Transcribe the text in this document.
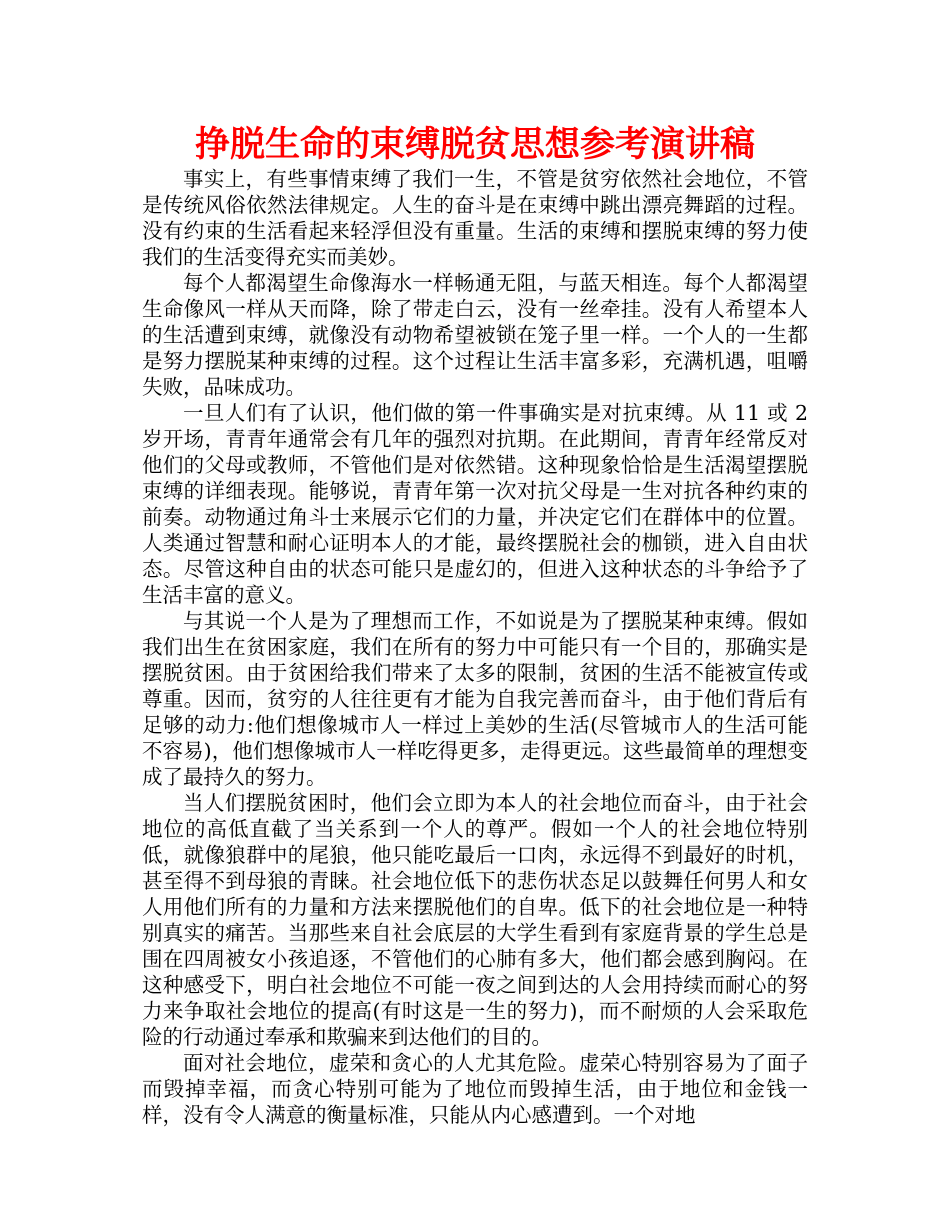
挣脱生命的束缚脱贫思想参考演讲稿

事实上，有些事情束缚了我们一生，不管是贫穷依然社会地位，不管是传统风俗依然法律规定。人生的奋斗是在束缚中跳出漂亮舞蹈的过程。没有约束的生活看起来轻浮但没有重量。生活的束缚和摆脱束缚的努力使我们的生活变得充实而美妙。

每个人都渴望生命像海水一样畅通无阻，与蓝天相连。每个人都渴望生命像风一样从天而降，除了带走白云，没有一丝牵挂。没有人希望本人的生活遭到束缚，就像没有动物希望被锁在笼子里一样。一个人的一生都是努力摆脱某种束缚的过程。这个过程让生活丰富多彩，充满机遇，咀嚼失败，品味成功。

一旦人们有了认识，他们做的第一件事确实是对抗束缚。从 11 或 2 岁开场，青青年通常会有几年的强烈对抗期。在此期间，青青年经常反对他们的父母或教师，不管他们是对依然错。这种现象恰恰是生活渴望摆脱束缚的详细表现。能够说，青青年第一次对抗父母是一生对抗各种约束的前奏。动物通过角斗士来展示它们的力量，并决定它们在群体中的位置。人类通过智慧和耐心证明本人的才能，最终摆脱社会的枷锁，进入自由状态。尽管这种自由的状态可能只是虚幻的，但进入这种状态的斗争给予了生活丰富的意义。

与其说一个人是为了理想而工作，不如说是为了摆脱某种束缚。假如我们出生在贫困家庭，我们在所有的努力中可能只有一个目的，那确实是摆脱贫困。由于贫困给我们带来了太多的限制，贫困的生活不能被宣传或尊重。因而，贫穷的人往往更有才能为自我完善而奋斗，由于他们背后有足够的动力:他们想像城市人一样过上美妙的生活(尽管城市人的生活可能不容易)，他们想像城市人一样吃得更多，走得更远。这些最简单的理想变成了最持久的努力。

当人们摆脱贫困时，他们会立即为本人的社会地位而奋斗，由于社会地位的高低直截了当关系到一个人的尊严。假如一个人的社会地位特别低，就像狼群中的尾狼，他只能吃最后一口肉，永远得不到最好的时机，甚至得不到母狼的青睐。社会地位低下的悲伤状态足以鼓舞任何男人和女人用他们所有的力量和方法来摆脱他们的自卑。低下的社会地位是一种特别真实的痛苦。当那些来自社会底层的大学生看到有家庭背景的学生总是围在四周被女小孩追逐，不管他们的心肺有多大，他们都会感到胸闷。在这种感受下，明白社会地位不可能一夜之间到达的人会用持续而耐心的努力来争取社会地位的提高(有时这是一生的努力)，而不耐烦的人会采取危险的行动通过奉承和欺骗来到达他们的目的。

面对社会地位，虚荣和贪心的人尤其危险。虚荣心特别容易为了面子而毁掉幸福，而贪心特别可能为了地位而毁掉生活，由于地位和金钱一样，没有令人满意的衡量标准，只能从内心感遭到。一个对地
